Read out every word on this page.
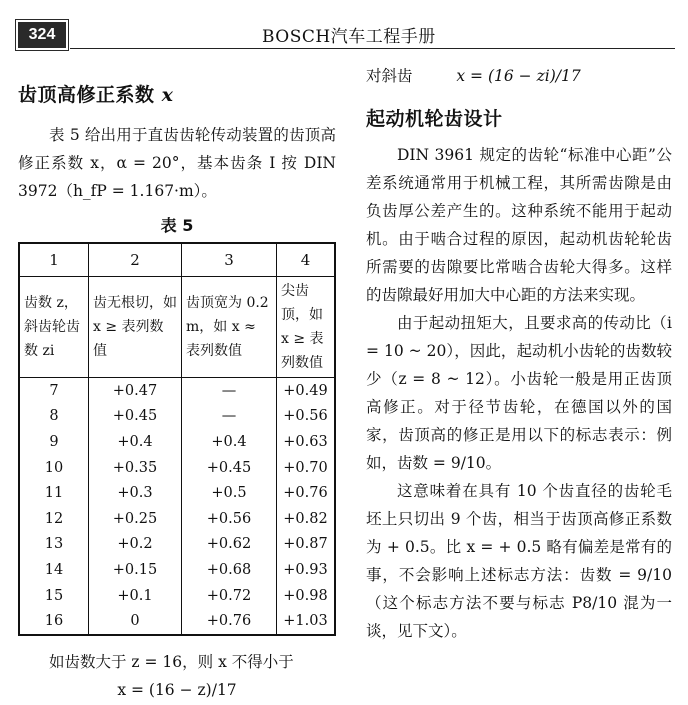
324	BOSCH汽车工程手册
齿顶高修正系数 x

表 5 给出用于直齿齿轮传动装置的齿顶高修正系数 x，α = 20°，基本齿条 I 按 DIN 3972（h_fP = 1.167·m）。

表 5
1	2	3	4
齿数 z，斜齿轮齿数 zi	齿无根切，如 x ≥ 表列数值	齿顶宽为 0.2 m，如 x ≈ 表列数值	尖齿顶，如 x ≥ 表列数值
7	+0.47	—	+0.49
8	+0.45	—	+0.56
9	+0.4	+0.4	+0.63
10	+0.35	+0.45	+0.70
11	+0.3	+0.5	+0.76
12	+0.25	+0.56	+0.82
13	+0.2	+0.62	+0.87
14	+0.15	+0.68	+0.93
15	+0.1	+0.72	+0.98
16	0	+0.76	+1.03

如齿数大于 z = 16，则 x 不得小于

x = (16 − z)/17
对斜齿	x = (16 − zi)/17
起动机轮齿设计

DIN 3961 规定的齿轮“标准中心距”公差系统通常用于机械工程，其所需齿隙是由负齿厚公差产生的。这种系统不能用于起动机。由于啮合过程的原因，起动机齿轮轮齿所需要的齿隙要比常啮合齿轮大得多。这样的齿隙最好用加大中心距的方法来实现。

由于起动扭矩大，且要求高的传动比（i = 10 ~ 20），因此，起动机小齿轮的齿数较少（z = 8 ~ 12）。小齿轮一般是用正齿顶高修正。对于径节齿轮，在德国以外的国家，齿顶高的修正是用以下的标志表示：例如，齿数 = 9/10。

这意味着在具有 10 个齿直径的齿轮毛坯上只切出 9 个齿，相当于齿顶高修正系数为 + 0.5。比 x = + 0.5 略有偏差是常有的事，不会影响上述标志方法：齿数 = 9/10（这个标志方法不要与标志 P8/10 混为一谈，见下文）。
